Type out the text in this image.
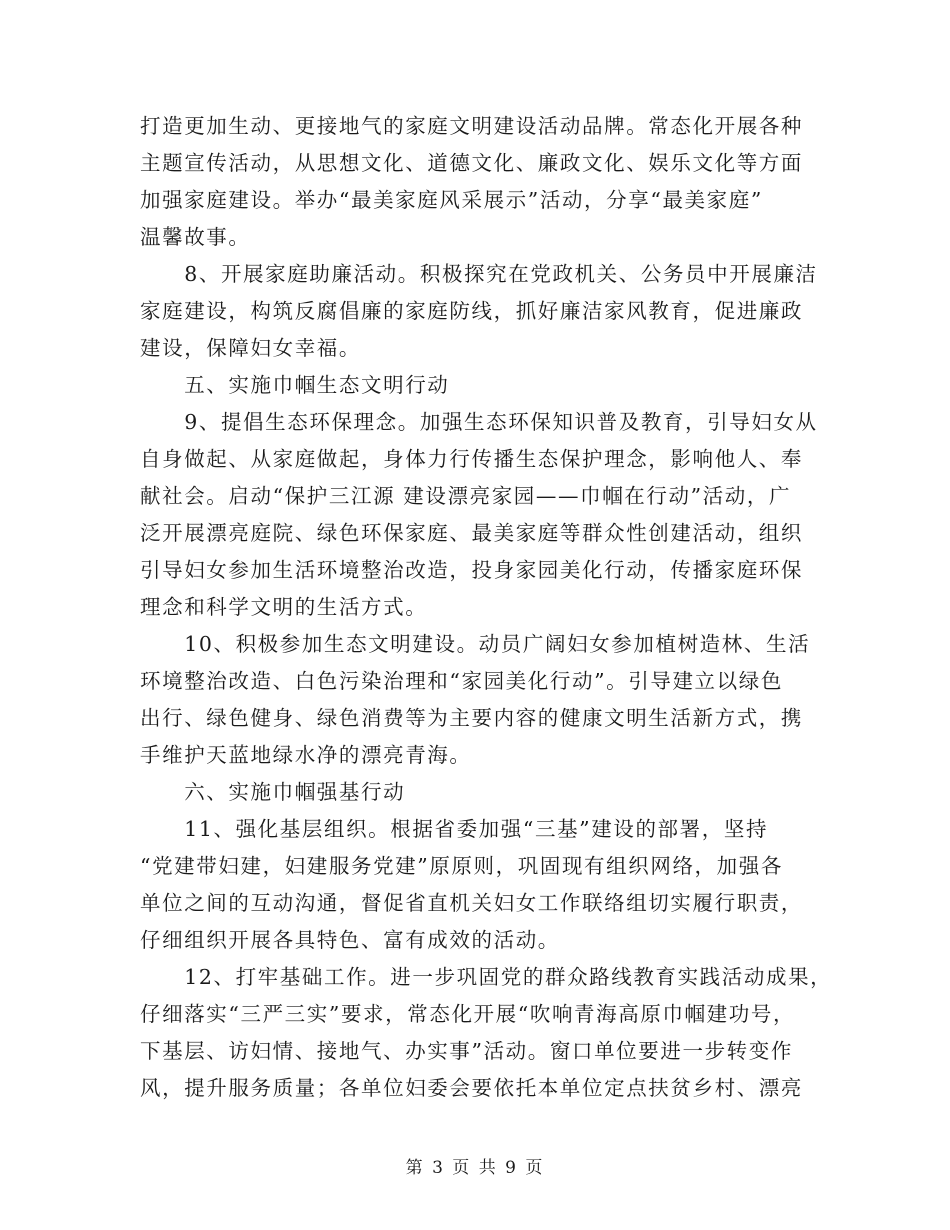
打造更加生动、更接地气的家庭文明建设活动品牌。常态化开展各种
主题宣传活动，从思想文化、道德文化、廉政文化、娱乐文化等方面
加强家庭建设。举办“最美家庭风采展示”活动，分享“最美家庭”
温馨故事。
　　8、开展家庭助廉活动。积极探究在党政机关、公务员中开展廉洁
家庭建设，构筑反腐倡廉的家庭防线，抓好廉洁家风教育，促进廉政
建设，保障妇女幸福。
　　五、实施巾帼生态文明行动
　　9、提倡生态环保理念。加强生态环保知识普及教育，引导妇女从
自身做起、从家庭做起，身体力行传播生态保护理念，影响他人、奉
献社会。启动“保护三江源 建设漂亮家园——巾帼在行动”活动，广
泛开展漂亮庭院、绿色环保家庭、最美家庭等群众性创建活动，组织
引导妇女参加生活环境整治改造，投身家园美化行动，传播家庭环保
理念和科学文明的生活方式。
　　10、积极参加生态文明建设。动员广阔妇女参加植树造林、生活
环境整治改造、白色污染治理和“家园美化行动”。引导建立以绿色
出行、绿色健身、绿色消费等为主要内容的健康文明生活新方式，携
手维护天蓝地绿水净的漂亮青海。
　　六、实施巾帼强基行动
　　11、强化基层组织。根据省委加强“三基”建设的部署，坚持
“党建带妇建，妇建服务党建”原原则，巩固现有组织网络，加强各
单位之间的互动沟通，督促省直机关妇女工作联络组切实履行职责，
仔细组织开展各具特色、富有成效的活动。
　　12、打牢基础工作。进一步巩固党的群众路线教育实践活动成果，
仔细落实“三严三实”要求，常态化开展“吹响青海高原巾帼建功号，
下基层、访妇情、接地气、办实事”活动。窗口单位要进一步转变作
风，提升服务质量；各单位妇委会要依托本单位定点扶贫乡村、漂亮
第 3 页 共 9 页
